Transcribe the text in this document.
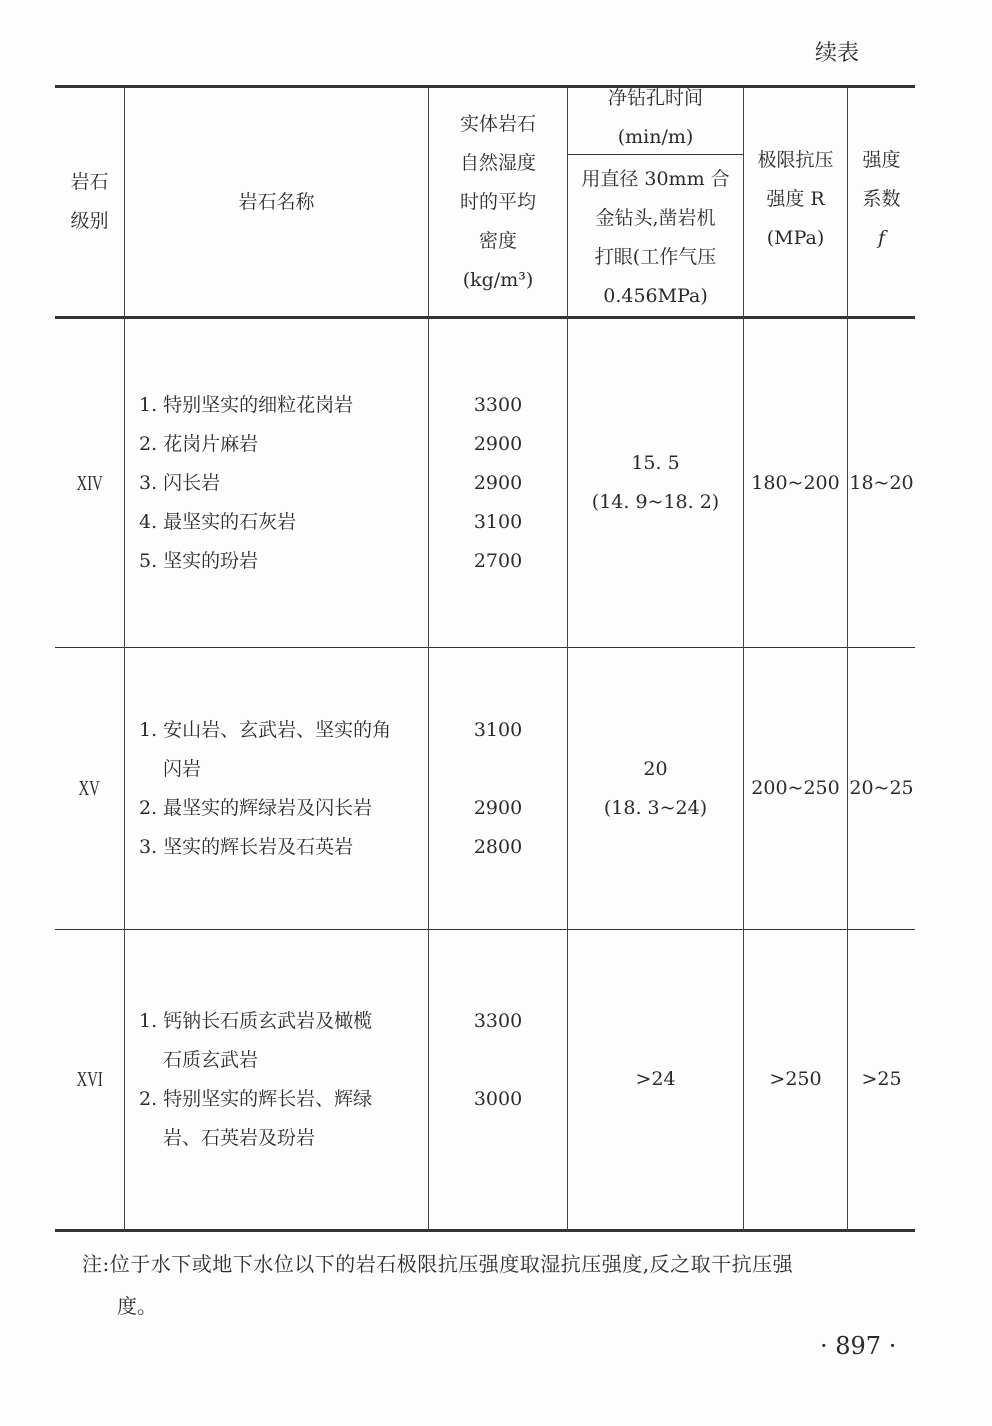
续表
岩石
级别
岩石名称
实体岩石
自然湿度
时的平均
密度
(kg/m³)
净钻孔时间
(min/m)
用直径 30mm 合
金钻头,凿岩机
打眼(工作气压
0.456MPa)
极限抗压
强度 R
(MPa)
强度
系数
f
XIV
1. 特别坚实的细粒花岗岩
2. 花岗片麻岩
3. 闪长岩
4. 最坚实的石灰岩
5. 坚实的玢岩
3300
2900
2900
3100
2700
15. 5
(14. 9~18. 2)
180~200 18~20
XV
1. 安山岩、玄武岩、坚实的角
闪岩
2. 最坚实的辉绿岩及闪长岩
3. 坚实的辉长岩及石英岩
3100
2900
2800
20
(18. 3~24)
200~250 20~25
XVI
1. 钙钠长石质玄武岩及橄榄
石质玄武岩
2. 特别坚实的辉长岩、辉绿
岩、石英岩及玢岩
3300
3000
>24	>250 >25
注:位于水下或地下水位以下的岩石极限抗压强度取湿抗压强度,反之取干抗压强
度。
· 897 ·
